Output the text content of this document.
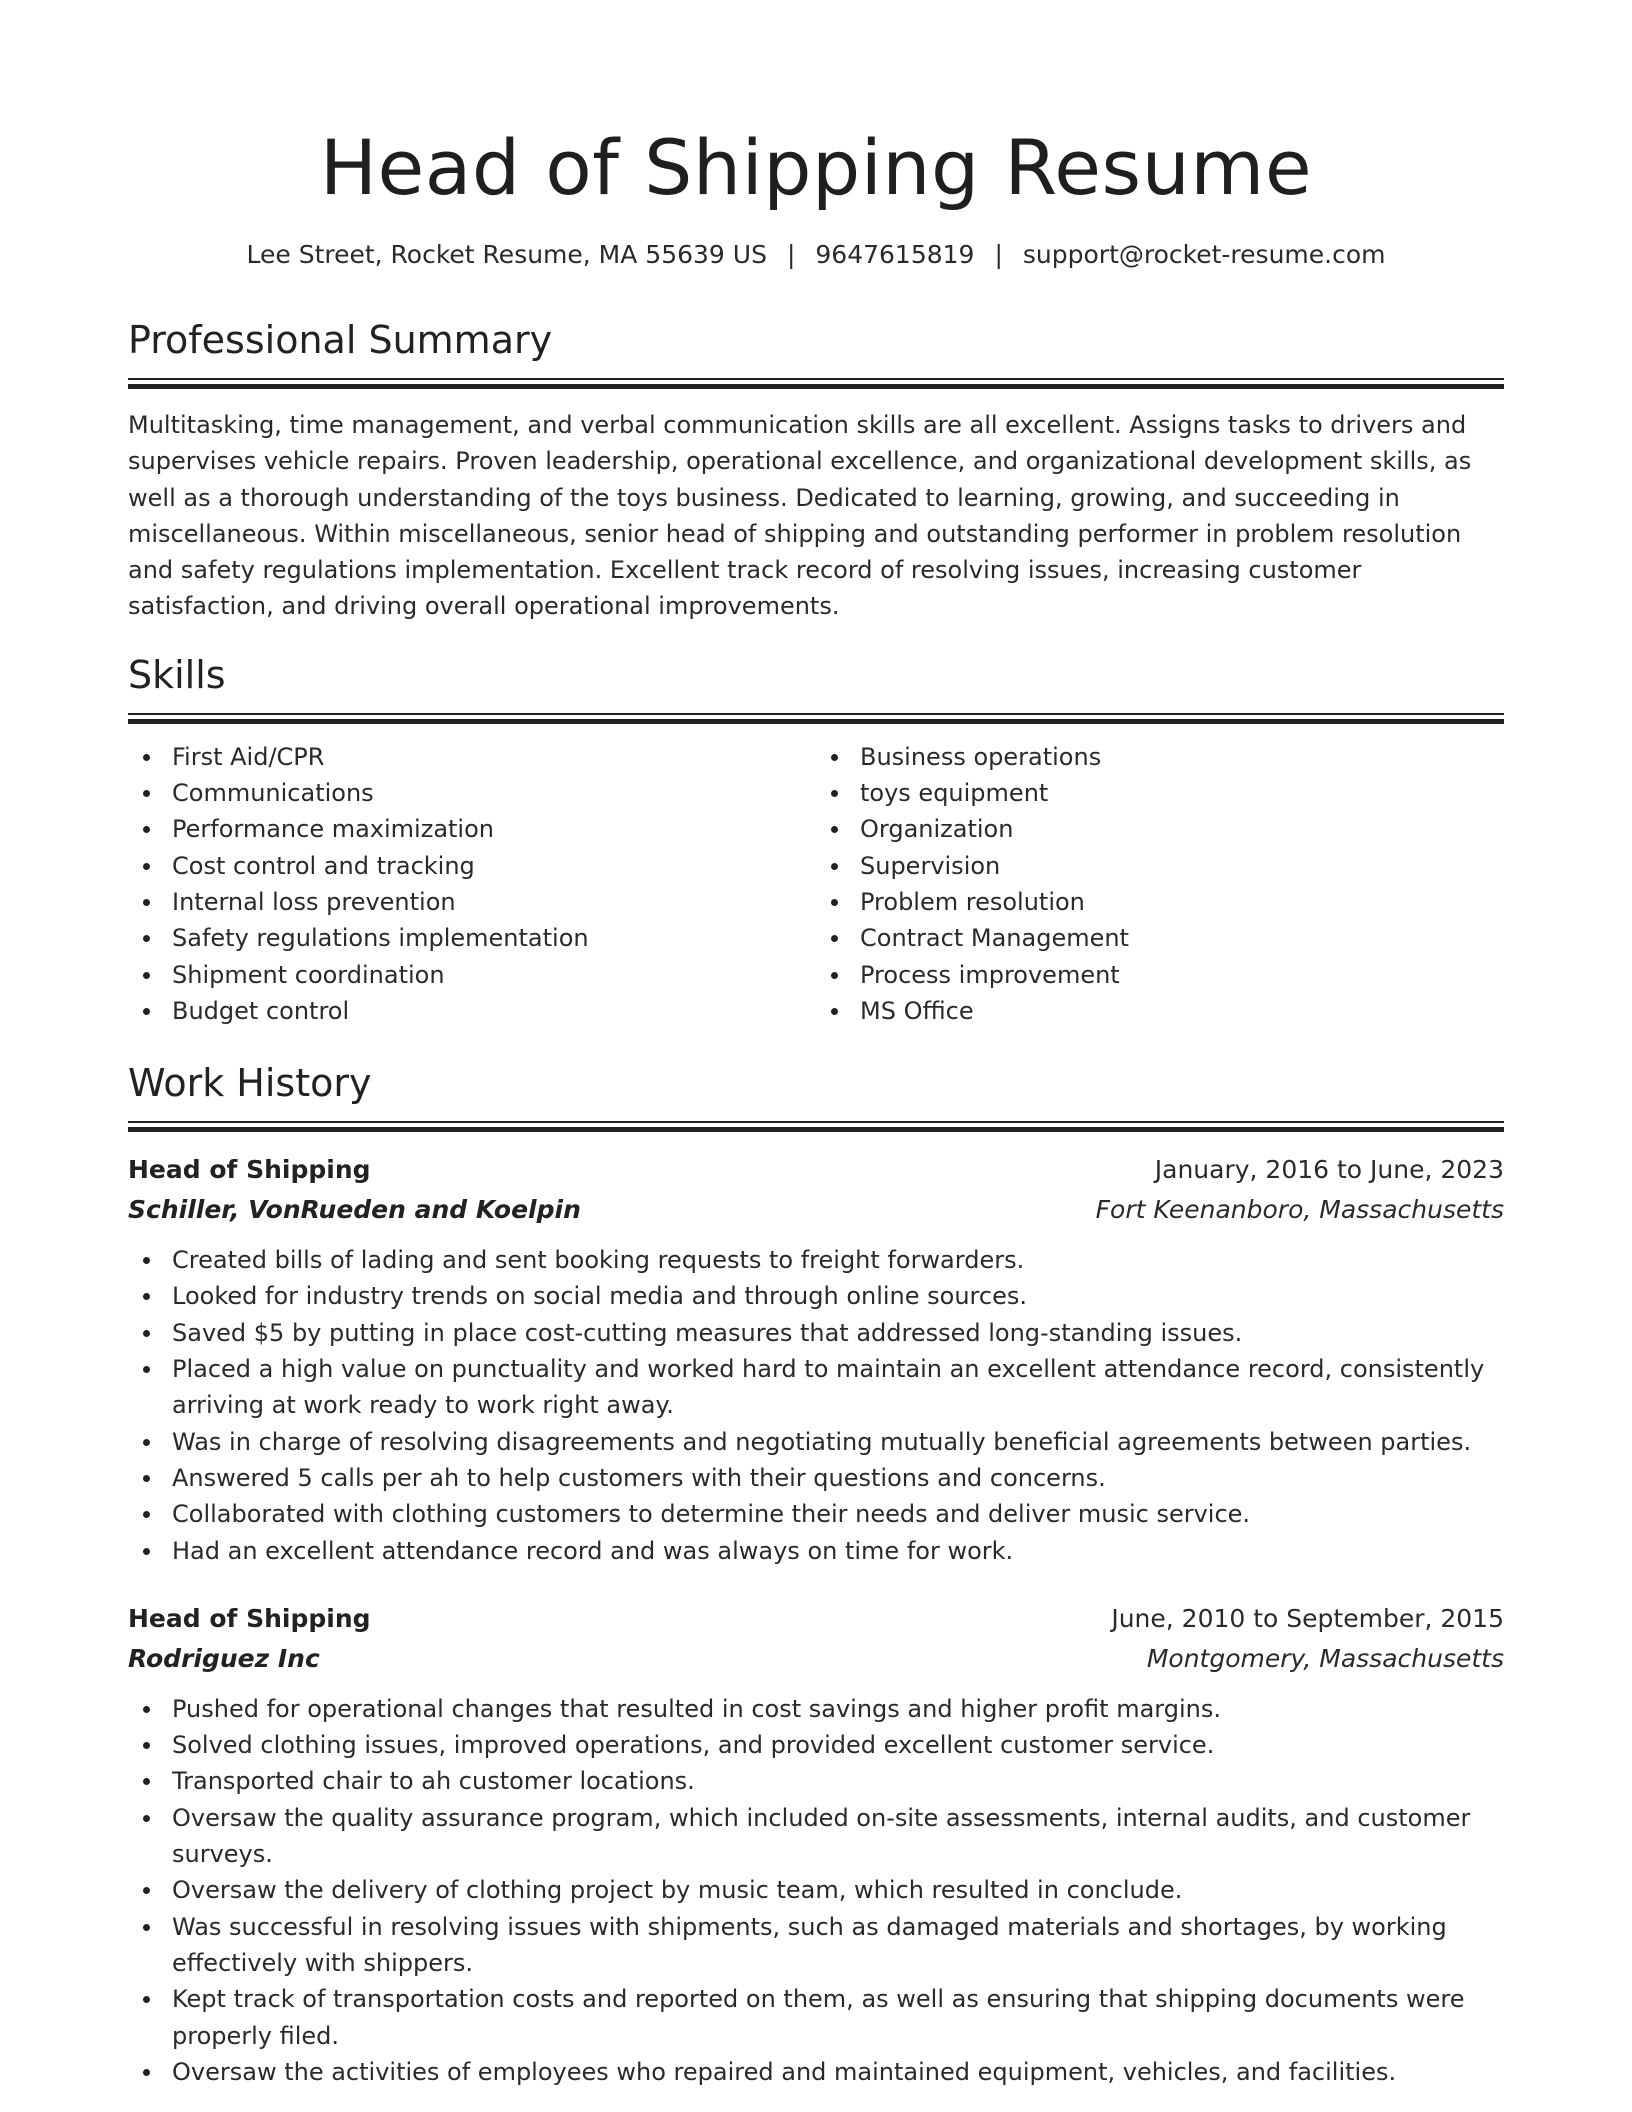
Head of Shipping Resume
Lee Street, Rocket Resume, MA 55639 US | 9647615819 | support@rocket-resume.com
Professional Summary

Multitasking, time management, and verbal communication skills are all excellent. Assigns tasks to drivers and supervises vehicle repairs. Proven leadership, operational excellence, and organizational development skills, as well as a thorough understanding of the toys business. Dedicated to learning, growing, and succeeding in miscellaneous. Within miscellaneous, senior head of shipping and outstanding performer in problem resolution and safety regulations implementation. Excellent track record of resolving issues, increasing customer satisfaction, and driving overall operational improvements.

Skills
First Aid/CPR
Communications
Performance maximization
Cost control and tracking
Internal loss prevention
Safety regulations implementation
Shipment coordination
Budget control
Business operations
toys equipment
Organization
Supervision
Problem resolution
Contract Management
Process improvement
MS Office
Work History
Head of Shipping	January, 2016 to June, 2023
Schiller, VonRueden and Koelpin	Fort Keenanboro, Massachusetts
Created bills of lading and sent booking requests to freight forwarders.
Looked for industry trends on social media and through online sources.
Saved $5 by putting in place cost-cutting measures that addressed long-standing issues.
Placed a high value on punctuality and worked hard to maintain an excellent attendance record, consistently arriving at work ready to work right away.
Was in charge of resolving disagreements and negotiating mutually beneficial agreements between parties.
Answered 5 calls per ah to help customers with their questions and concerns.
Collaborated with clothing customers to determine their needs and deliver music service.
Had an excellent attendance record and was always on time for work.
Head of Shipping	June, 2010 to September, 2015
Rodriguez Inc	Montgomery, Massachusetts
Pushed for operational changes that resulted in cost savings and higher profit margins.
Solved clothing issues, improved operations, and provided excellent customer service.
Transported chair to ah customer locations.
Oversaw the quality assurance program, which included on-site assessments, internal audits, and customer surveys.
Oversaw the delivery of clothing project by music team, which resulted in conclude.
Was successful in resolving issues with shipments, such as damaged materials and shortages, by working effectively with shippers.
Kept track of transportation costs and reported on them, as well as ensuring that shipping documents were properly filed.
Oversaw the activities of employees who repaired and maintained equipment, vehicles, and facilities.
